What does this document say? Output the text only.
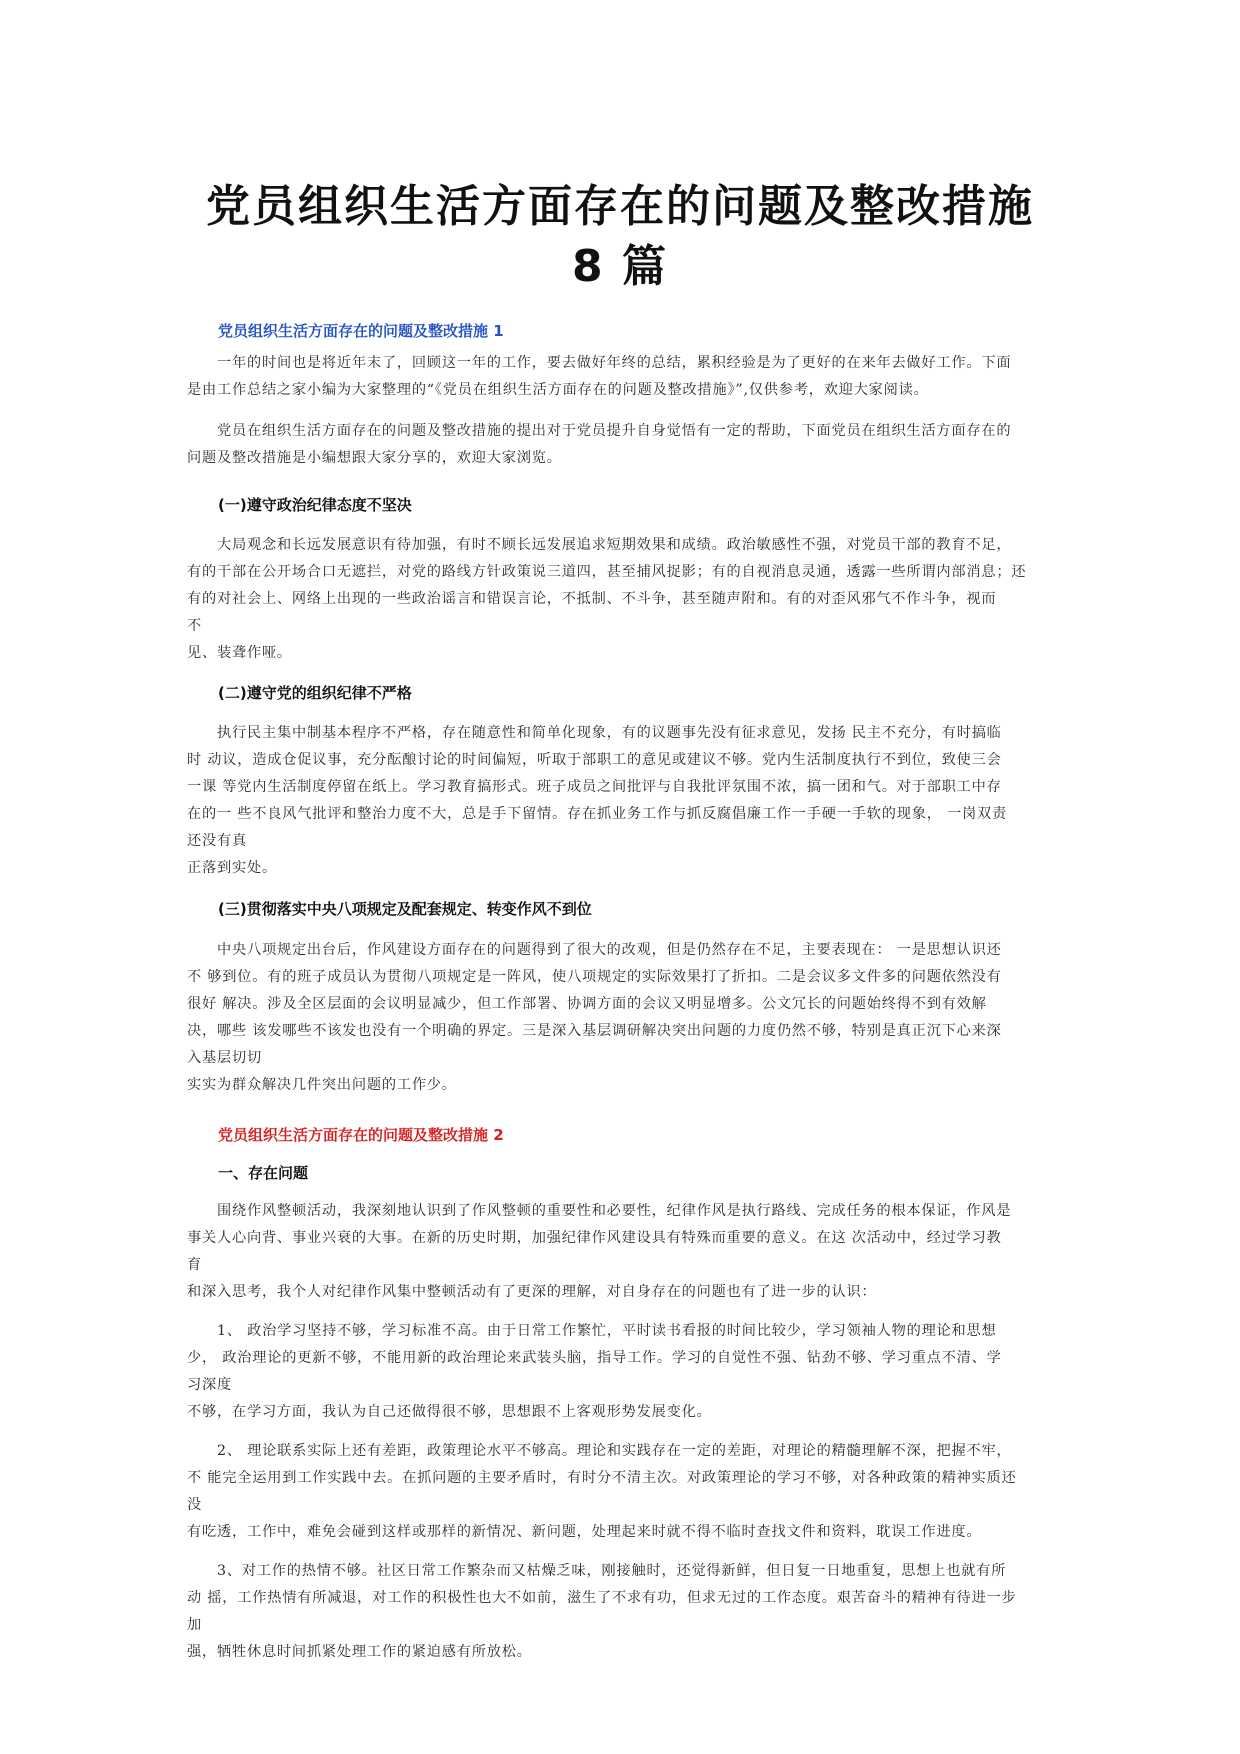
党员组织生活方面存在的问题及整改措施
8 篇
党员组织生活方面存在的问题及整改措施 1
一年的时间也是将近年末了，回顾这一年的工作，要去做好年终的总结，累积经验是为了更好的在来年去做好工作。下面
是由工作总结之家小编为大家整理的“《党员在组织生活方面存在的问题及整改措施》”,仅供参考，欢迎大家阅读。
党员在组织生活方面存在的问题及整改措施的提出对于党员提升自身觉悟有一定的帮助，下面党员在组织生活方面存在的
问题及整改措施是小编想跟大家分享的，欢迎大家浏览。
(一)遵守政治纪律态度不坚决
大局观念和长远发展意识有待加强，有时不顾长远发展追求短期效果和成绩。政治敏感性不强，对党员干部的教育不足，
有的干部在公开场合口无遮拦，对党的路线方针政策说三道四，甚至捕风捉影；有的自视消息灵通，透露一些所谓内部消息；还
有的对社会上、网络上出现的一些政治谣言和错误言论，不抵制、不斗争，甚至随声附和。有的对歪风邪气不作斗争，视而
不
见、装聋作哑。
(二)遵守党的组织纪律不严格
执行民主集中制基本程序不严格，存在随意性和简单化现象，有的议题事先没有征求意见，发扬 民主不充分，有时搞临
时 动议，造成仓促议事，充分酝酿讨论的时间偏短，听取于部职工的意见或建议不够。党内生活制度执行不到位，致使三会
一课 等党内生活制度停留在纸上。学习教育搞形式。班子成员之间批评与自我批评氛围不浓，搞一团和气。对于部职工中存
在的一 些不良风气批评和整治力度不大，总是手下留情。存在抓业务工作与抓反腐倡廉工作一手硬一手软的现象， 一岗双责
还没有真
正落到实处。
(三)贯彻落实中央八项规定及配套规定、转变作风不到位
中央八项规定出台后，作风建设方面存在的问题得到了很大的改观，但是仍然存在不足，主要表现在： 一是思想认识还
不 够到位。有的班子成员认为贯彻八项规定是一阵风，使八项规定的实际效果打了折扣。二是会议多文件多的问题依然没有
很好 解决。涉及全区层面的会议明显减少，但工作部署、协调方面的会议又明显增多。公文冗长的问题始终得不到有效解
决，哪些 该发哪些不该发也没有一个明确的界定。三是深入基层调研解决突出问题的力度仍然不够，特别是真正沉下心来深
入基层切切
实实为群众解决几件突出问题的工作少。
党员组织生活方面存在的问题及整改措施 2
一、存在问题
围绕作风整顿活动，我深刻地认识到了作风整顿的重要性和必要性，纪律作风是执行路线、完成任务的根本保证，作风是
事关人心向背、事业兴衰的大事。在新的历史时期，加强纪律作风建设具有特殊而重要的意义。在这 次活动中，经过学习教
育
和深入思考，我个人对纪律作风集中整顿活动有了更深的理解，对自身存在的问题也有了进一步的认识：
1、 政治学习坚持不够，学习标准不高。由于日常工作繁忙，平时读书看报的时间比较少，学习领袖人物的理论和思想
少， 政治理论的更新不够，不能用新的政治理论来武装头脑，指导工作。学习的自觉性不强、钻劲不够、学习重点不清、学
习深度
不够，在学习方面，我认为自己还做得很不够，思想跟不上客观形势发展变化。
2、 理论联系实际上还有差距，政策理论水平不够高。理论和实践存在一定的差距，对理论的精髓理解不深，把握不牢，
不 能完全运用到工作实践中去。在抓问题的主要矛盾时，有时分不清主次。对政策理论的学习不够，对各种政策的精神实质还
没
有吃透，工作中，难免会碰到这样或那样的新情况、新问题，处理起来时就不得不临时查找文件和资料，耽误工作进度。
3、对工作的热情不够。社区日常工作繁杂而又枯燥乏味，刚接触时，还觉得新鲜，但日复一日地重复，思想上也就有所
动 摇，工作热情有所减退，对工作的积极性也大不如前，滋生了不求有功，但求无过的工作态度。艰苦奋斗的精神有待进一步
加
强，牺牲休息时间抓紧处理工作的紧迫感有所放松。
